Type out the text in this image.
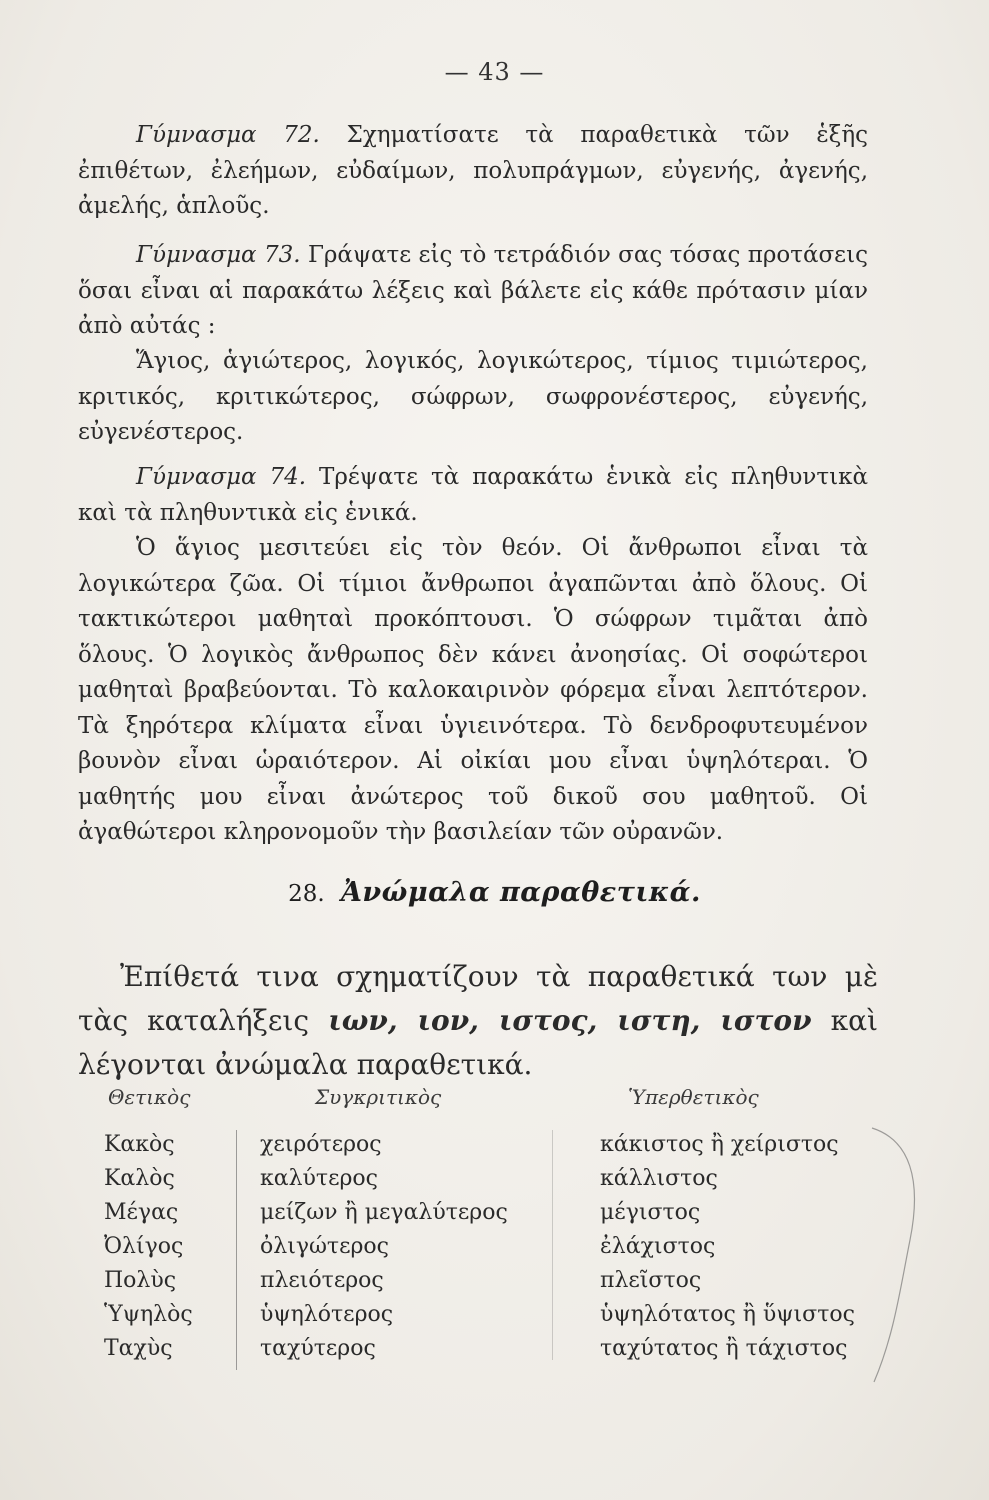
— 43 —
Γύμνασμα 72. Σχηματίσατε τὰ παραθετικὰ τῶν ἑξῆς ἐπιθέτων, ἐλεήμων, εὐδαίμων, πολυπράγμων, εὐγενής, ἀγενής, ἀμελής, ἁπλοῦς.
Γύμνασμα 73. Γράψατε εἰς τὸ τετράδιόν σας τόσας προτάσεις ὅσαι εἶναι αἱ παρακάτω λέξεις καὶ βάλετε εἰς κάθε πρότασιν μίαν ἀπὸ αὐτάς :
Ἅγιος, ἁγιώτερος, λογικός, λογικώτερος, τίμιος τιμιώτερος, κριτικός, κριτικώτερος, σώφρων, σωφρονέστερος, εὐγενής, εὐγενέστερος.
Γύμνασμα 74. Τρέψατε τὰ παρακάτω ἑνικὰ εἰς πληθυντικὰ καὶ τὰ πληθυντικὰ εἰς ἑνικά.
Ὁ ἅγιος μεσιτεύει εἰς τὸν θεόν. Οἱ ἄνθρωποι εἶναι τὰ λογικώτερα ζῶα. Οἱ τίμιοι ἄνθρωποι ἀγαπῶνται ἀπὸ ὅλους. Οἱ τακτικώτεροι μαθηταὶ προκόπτουσι. Ὁ σώφρων τιμᾶται ἀπὸ ὅλους. Ὁ λογικὸς ἄνθρωπος δὲν κάνει ἀνοησίας. Οἱ σοφώτεροι μαθηταὶ βραβεύονται. Τὸ καλοκαιρινὸν φόρεμα εἶναι λεπτότερον. Τὰ ξηρότερα κλίματα εἶναι ὑγιεινότερα. Τὸ δενδροφυτευμένον βουνὸν εἶναι ὡραιότερον. Αἱ οἰκίαι μου εἶναι ὑψηλότεραι. Ὁ μαθητής μου εἶναι ἀνώτερος τοῦ δικοῦ σου μαθητοῦ. Οἱ ἀγαθώτεροι κληρονομοῦν τὴν βασιλείαν τῶν οὐρανῶν.
28. Ἀνώμαλα παραθετικά.
Ἐπίθετά τινα σχηματίζουν τὰ παραθετικά των μὲ τὰς καταλήξεις ιων, ιον, ιστος, ιστη, ιστον καὶ λέγονται ἀνώμαλα παραθετικά.
Θετικὸς	Συγκριτικὸς	Ὑπερθετικὸς
Κακὸς
Καλὸς
Μέγας
Ὀλίγος
Πολὺς
Ὑψηλὸς
Ταχὺς
χειρότερος
καλύτερος
μείζων ἢ μεγαλύτερος
ὀλιγώτερος
πλειότερος
ὑψηλότερος
ταχύτερος
κάκιστος ἢ χείριστος
κάλλιστος
μέγιστος
ἐλάχιστος
πλεῖστος
ὑψηλότατος ἢ ὕψιστος
ταχύτατος ἢ τάχιστος
